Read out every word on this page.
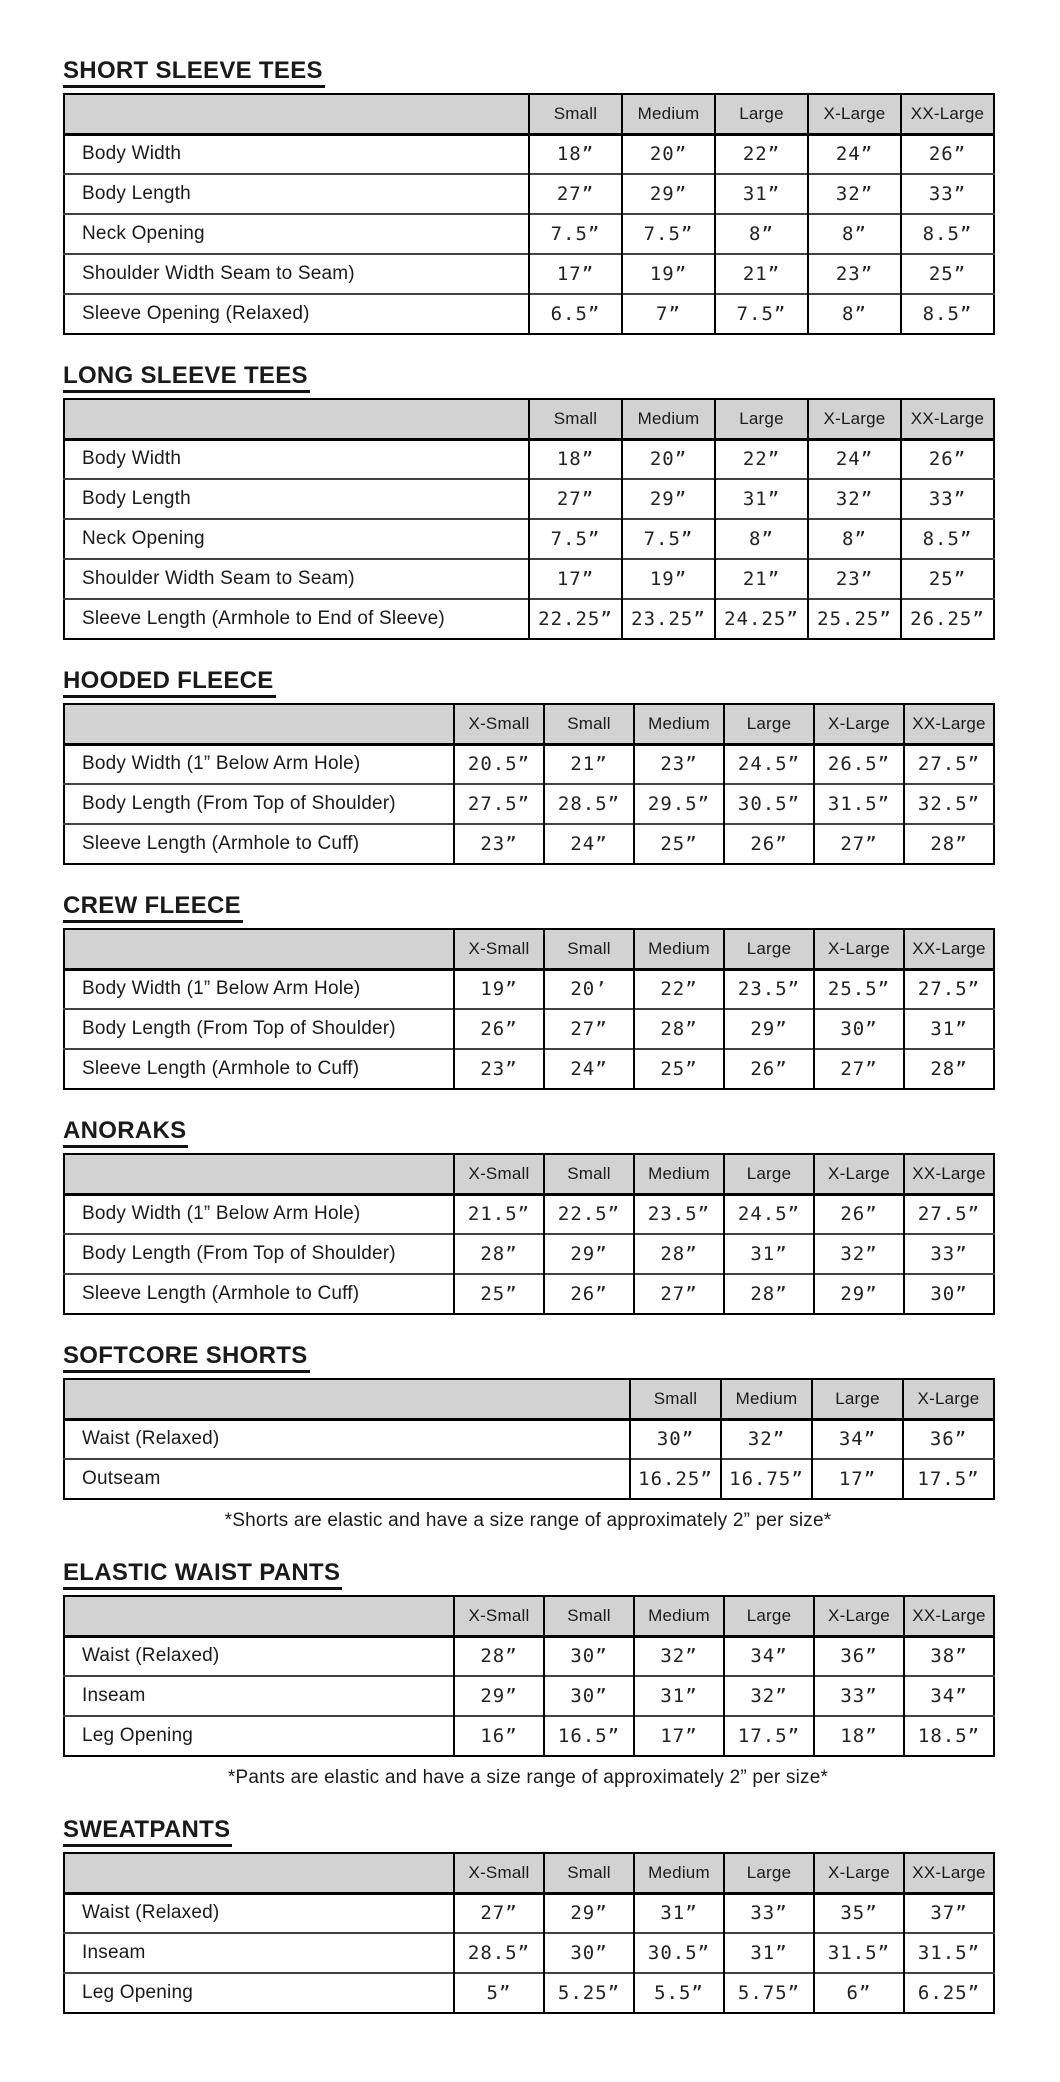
SHORT SLEEVE TEES
	Small	Medium	Large	X-Large	XX-Large
Body Width	18”	20”	22”	24”	26”
Body Length	27”	29”	31”	32”	33”
Neck Opening	7.5”	7.5”	8”	8”	8.5”
Shoulder Width Seam to Seam)	17”	19”	21”	23”	25”
Sleeve Opening (Relaxed)	6.5”	7”	7.5”	8”	8.5”
LONG SLEEVE TEES
	Small	Medium	Large	X-Large	XX-Large
Body Width	18”	20”	22”	24”	26”
Body Length	27”	29”	31”	32”	33”
Neck Opening	7.5”	7.5”	8”	8”	8.5”
Shoulder Width Seam to Seam)	17”	19”	21”	23”	25”
Sleeve Length (Armhole to End of Sleeve)	22.25”	23.25”	24.25”	25.25”	26.25”
HOODED FLEECE
	X-Small	Small	Medium	Large	X-Large	XX-Large
Body Width (1” Below Arm Hole)	20.5”	21”	23”	24.5”	26.5”	27.5”
Body Length (From Top of Shoulder)	27.5”	28.5”	29.5”	30.5”	31.5”	32.5”
Sleeve Length (Armhole to Cuff)	23”	24”	25”	26”	27”	28”
CREW FLEECE
	X-Small	Small	Medium	Large	X-Large	XX-Large
Body Width (1” Below Arm Hole)	19”	20’	22”	23.5”	25.5”	27.5”
Body Length (From Top of Shoulder)	26”	27”	28”	29”	30”	31”
Sleeve Length (Armhole to Cuff)	23”	24”	25”	26”	27”	28”
ANORAKS
	X-Small	Small	Medium	Large	X-Large	XX-Large
Body Width (1” Below Arm Hole)	21.5”	22.5”	23.5”	24.5”	26”	27.5”
Body Length (From Top of Shoulder)	28”	29”	28”	31”	32”	33”
Sleeve Length (Armhole to Cuff)	25”	26”	27”	28”	29”	30”
SOFTCORE SHORTS
	Small	Medium	Large	X-Large
Waist (Relaxed)	30”	32”	34”	36”
Outseam	16.25”	16.75”	17”	17.5”

*Shorts are elastic and have a size range of approximately 2” per size*

ELASTIC WAIST PANTS
	X-Small	Small	Medium	Large	X-Large	XX-Large
Waist (Relaxed)	28”	30”	32”	34”	36”	38”
Inseam	29”	30”	31”	32”	33”	34”
Leg Opening	16”	16.5”	17”	17.5”	18”	18.5”

*Pants are elastic and have a size range of approximately 2” per size*

SWEATPANTS
	X-Small	Small	Medium	Large	X-Large	XX-Large
Waist (Relaxed)	27”	29”	31”	33”	35”	37”
Inseam	28.5”	30”	30.5”	31”	31.5”	31.5”
Leg Opening	5”	5.25”	5.5”	5.75”	6”	6.25”
